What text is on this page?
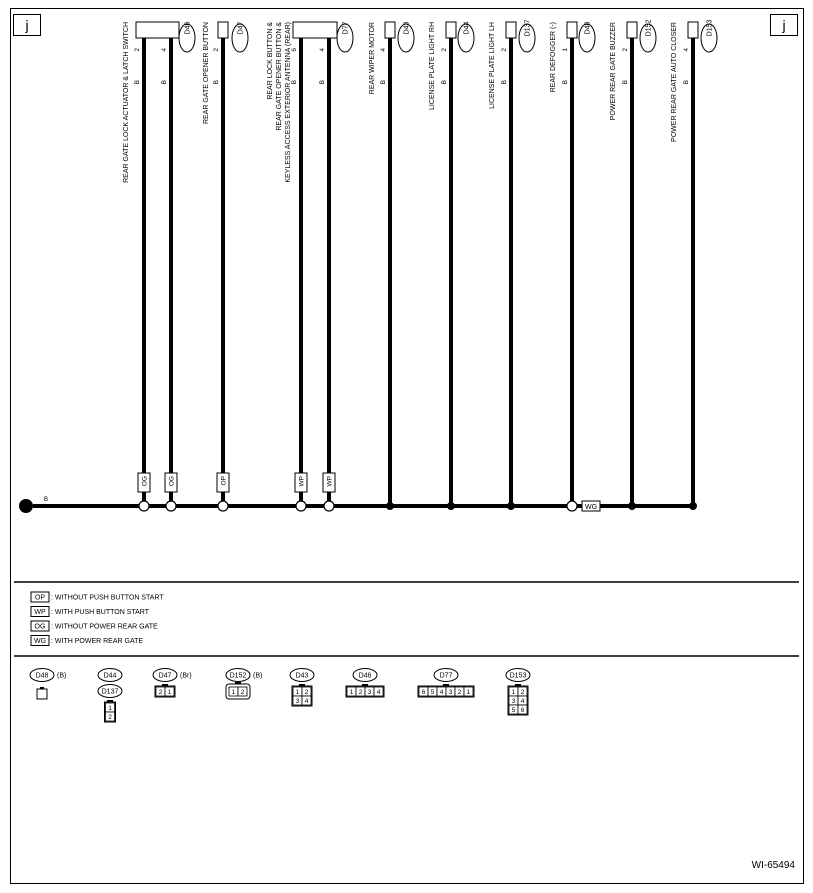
j	j
L
B
D46
REAR GATE LOCK ACTUATOR & LATCH SWITCH 2
B
OG
4
B
OG
D47
REAR GATE OPENER BUTTON 2
B
OP
D77
REAR LOCK BUTTON & REAR GATE OPENER BUTTON & KEYLESS ACCESS EXTERIOR ANTENNA (REAR) 6
B
WP
4
B
WP
D43
REAR WIPER MOTOR 4
B
D44
LICENSE PLATE LIGHT RH 2
B
D137
LICENSE PLATE LIGHT LH 2
B
D48
REAR DEFOGGER (-) 1
B
D152
POWER REAR GATE BUZZER 2
B
D153
POWER REAR GATE AUTO CLOSER 4
B
WG
OP : WITHOUT PUSH BUTTON START
WP : WITH PUSH BUTTON START
OG : WITHOUT POWER REAR GATE
WG : WITH POWER REAR GATE
D48 (B)	D44
D137
1
2
D47 (Br)
2 1
D152 (B)
1 2
D43
1 2
3 4
D46
1 2 3 4
D77
6 5 4 3 2 1
D153
1 2
3 4
5 6
WI-65494
